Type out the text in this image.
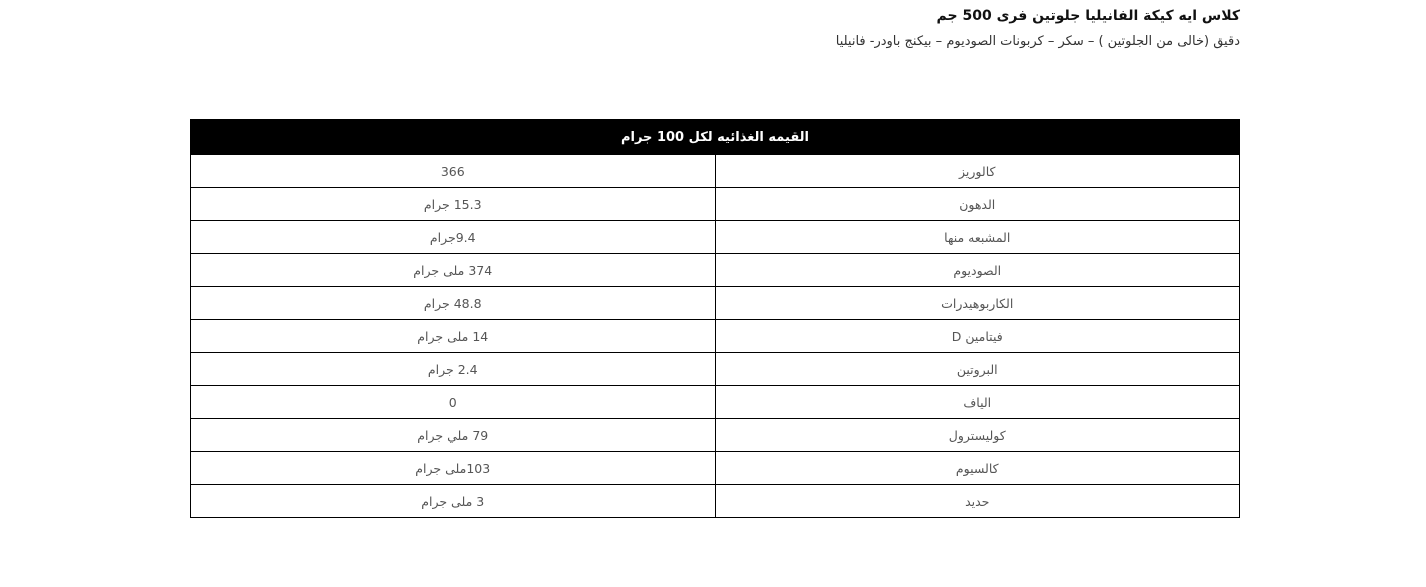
كلاس ايه كيكة الفانيليا جلوتين فرى 500 جم
دقيق (خالى من الجلوتين ) – سكر – كربونات الصوديوم – بيكنج باودر- فانيليا
القيمه الغذائيه لكل 100 جرام	
كالوريز	366
الدهون	15.3 جرام
المشبعه منها	9.4جرام
الصوديوم	374 ملى جرام
الكاربوهيدرات	48.8 جرام
فيتامين D	14 ملى جرام
البروتين	2.4 جرام
الياف	0
كوليسترول	79 ملي جرام
كالسيوم	103ملى جرام
حديد	3 ملى جرام
